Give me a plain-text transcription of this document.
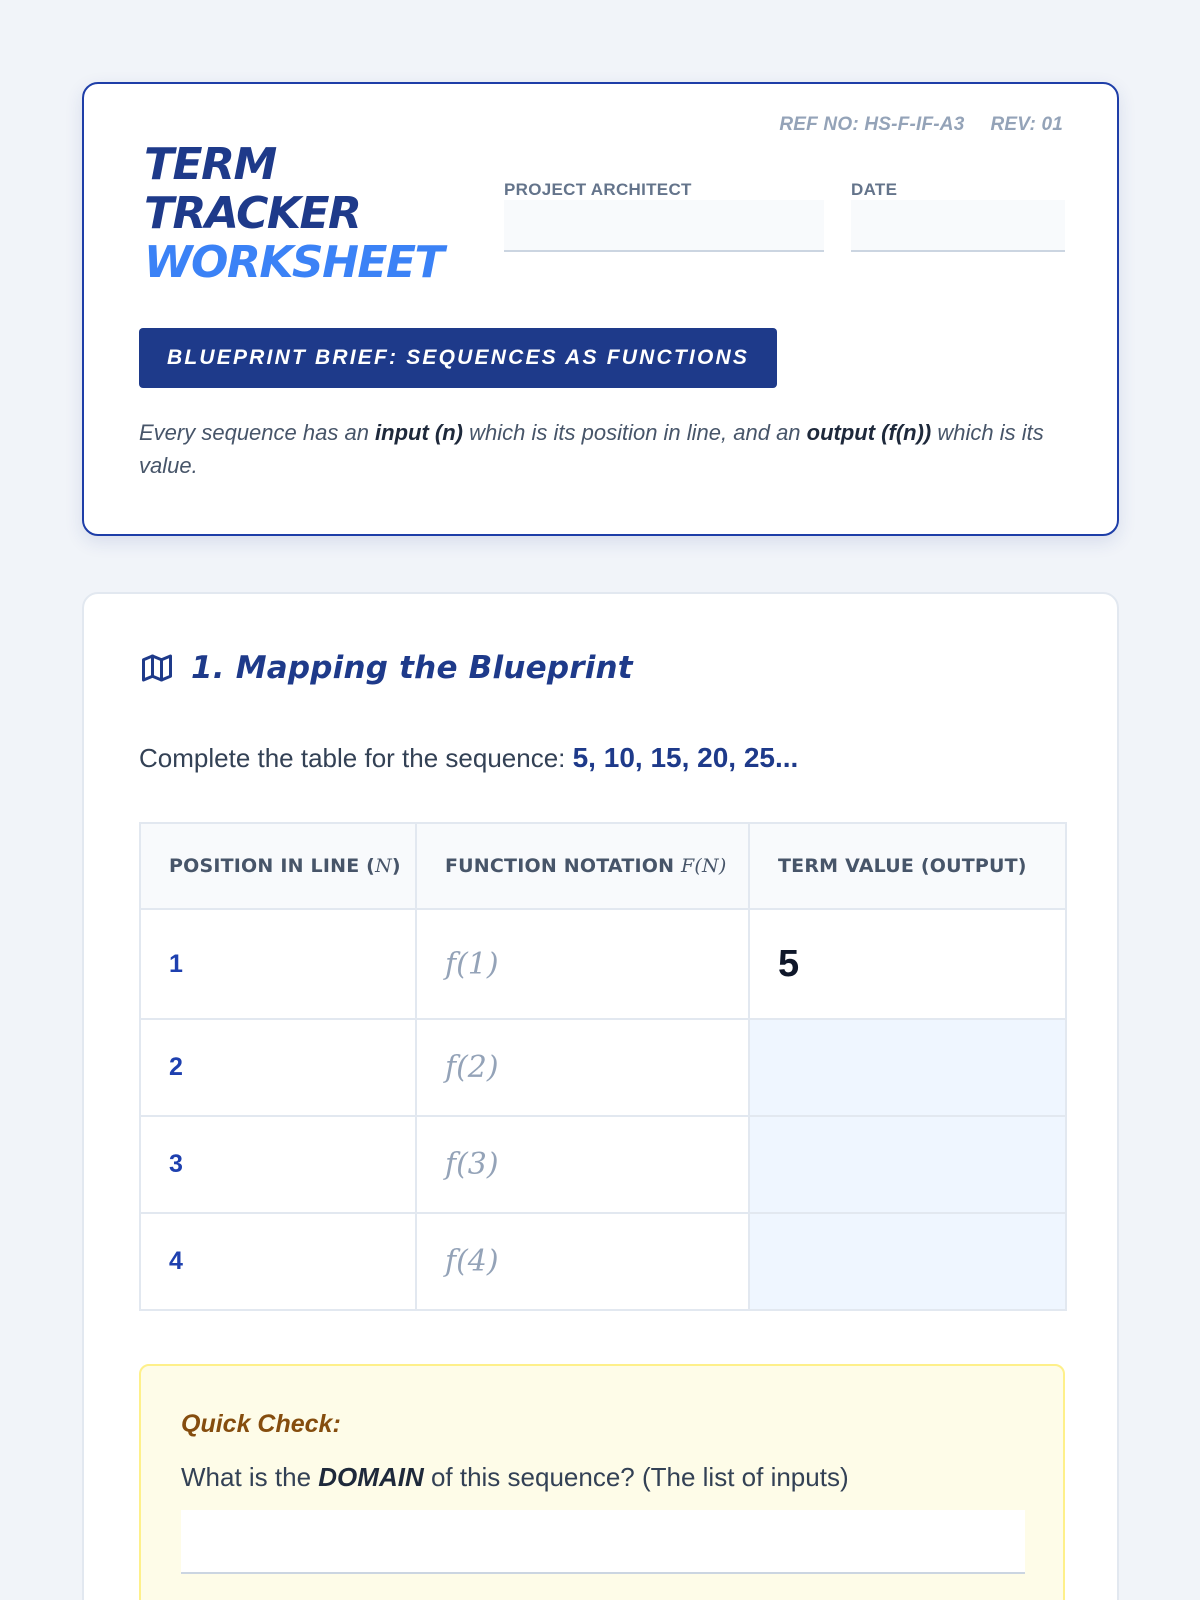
REF NO: HS-F-IF-A3 REV: 01
TERM
TRACKER
WORKSHEET
PROJECT ARCHITECT	DATE
BLUEPRINT BRIEF: SEQUENCES AS FUNCTIONS

Every sequence has an input (n) which is its position in line, and an output (f(n)) which is its value.

1. Mapping the Blueprint

Complete the table for the sequence: 5, 10, 15, 20, 25...

POSITION IN LINE (N)	FUNCTION NOTATION F(N)	TERM VALUE (OUTPUT)
1	f(1)	5
2	f(2)	
3	f(3)	
4	f(4)	
Quick Check:

What is the DOMAIN of this sequence? (The list of inputs)
